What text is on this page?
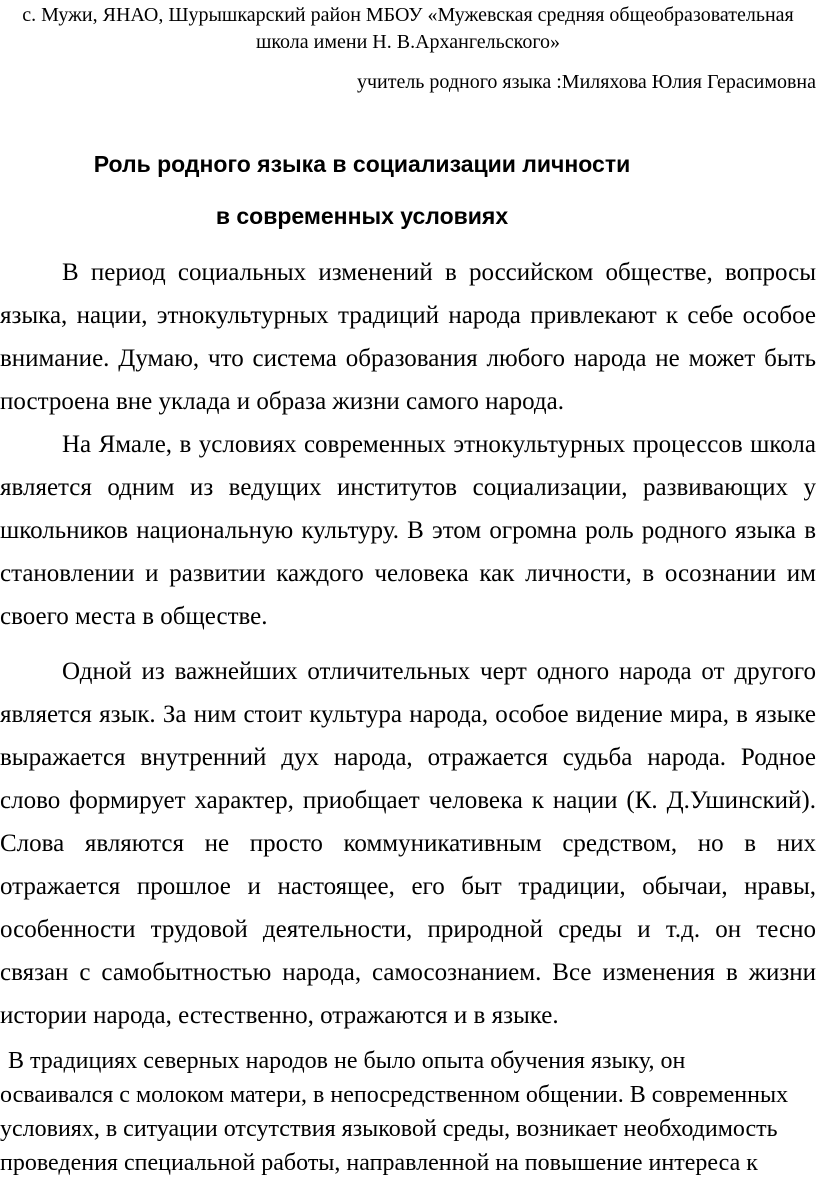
с. Мужи, ЯНАО, Шурышкарский район МБОУ «Мужевская средняя общеобразовательная
школа имени Н. В.Архангельского»
учитель родного языка :Миляхова Юлия Герасимовна
Роль родного языка в социализации личности
в современных условиях

В период социальных изменений в российском обществе, вопросы языка, нации, этнокультурных традиций народа привлекают к себе особое внимание. Думаю, что система образования любого народа не может быть построена вне уклада и образа жизни самого народа.

На Ямале, в условиях современных этнокультурных процессов школа является одним из ведущих институтов социализации, развивающих у школьников национальную культуру. В этом огромна роль родного языка в становлении и развитии каждого человека как личности, в осознании им своего места в обществе.

Одной из важнейших отличительных черт одного народа от другого является язык. За ним стоит культура народа, особое видение мира, в языке выражается внутренний дух народа, отражается судьба народа. Родное слово формирует характер, приобщает человека к нации (К. Д.Ушинский). Слова являются не просто коммуникативным средством, но в них отражается прошлое и настоящее, его быт традиции, обычаи, нравы, особенности трудовой деятельности, природной среды и т.д. он тесно связан с самобытностью народа, самосознанием. Все изменения в жизни истории народа, естественно, отражаются и в языке.

В традициях северных народов не было опыта обучения языку, он осваивался с молоком матери, в непосредственном общении. В современных условиях, в ситуации отсутствия языковой среды, возникает необходимость проведения специальной работы, направленной на повышение интереса к
